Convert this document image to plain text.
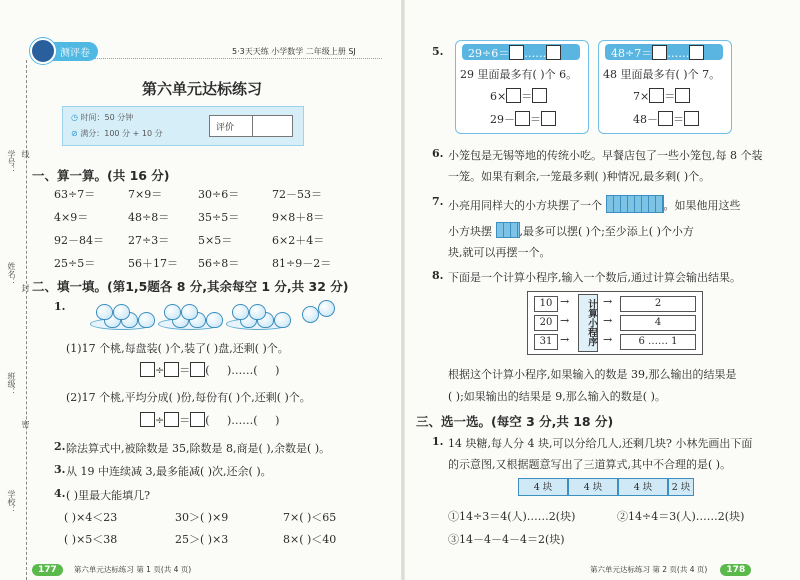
学号：
姓名：
班级：
学校：
线
封
密
测评卷	5·3天天练 小学数学 二年级上册 SJ
第六单元达标练习
◷ 时间：50 分钟
⊘ 满分：100 分 + 10 分
评价
一、算一算。(共 16 分)
63÷7＝	7×9＝	30÷6＝	72－53＝
4×9＝	48÷8＝	35÷5＝	9×8＋8＝
92－84＝ 27÷3＝	5×5＝	6×2＋4＝
25÷5＝	56＋17＝ 56÷8＝	81÷9－2＝
二、填一填。(第1,5题各 8 分,其余每空 1 分,共 32 分)
1.
(1)17 个桃,每盘装( )个,装了( )盘,还剩( )个。
÷ ＝ (     )……(     )
(2)17 个桃,平均分成( )份,每份有( )个,还剩( )个。
÷ ＝ (     )……(     )
2. 除法算式中,被除数是 35,除数是 8,商是( ),余数是( )。
3. 从 19 中连续减 3,最多能减( )次,还余( )。
4. ( )里最大能填几?
( )×4＜23	30＞( )×9	7×( )＜65
( )×5＜38	25＞( )×3	8×( )＜40
177 第六单元达标练习 第 1 页(共 4 页)
5. 29÷6＝ ……
29 里面最多有( )个 6。
6× ＝
29－ ＝
48÷7＝ ……
48 里面最多有( )个 7。
7× ＝
48－ ＝
6. 小笼包是无锡等地的传统小吃。早餐店包了一些小笼包,每 8 个装
一笼。如果有剩余,一笼最多剩( )种情况,最多剩( )个。
7. 小亮用同样大的小方块摆了一个	。如果他用这些
小方块摆	,最多可以摆( )个;至少添上( )个小方
块,就可以再摆一个。
8. 下面是一个计算小程序,输入一个数后,通过计算会输出结果。
10 →	→	2
20 →	→	4
31 →	→	6 …… 1
计算小程序
根据这个计算小程序,如果输入的数是 39,那么输出的结果是
( );如果输出的结果是 9,那么输入的数是( )。
三、选一选。(每空 3 分,共 18 分)
1. 14 块糖,每人分 4 块,可以分给几人,还剩几块? 小林先画出下面
的示意图,又根据题意写出了三道算式,其中不合理的是( )。
4 块	4 块	4 块	2 块
①14÷3＝4(人)……2(块)	②14÷4＝3(人)……2(块)
③14－4－4－4＝2(块)
第六单元达标练习 第 2 页(共 4 页) 178
